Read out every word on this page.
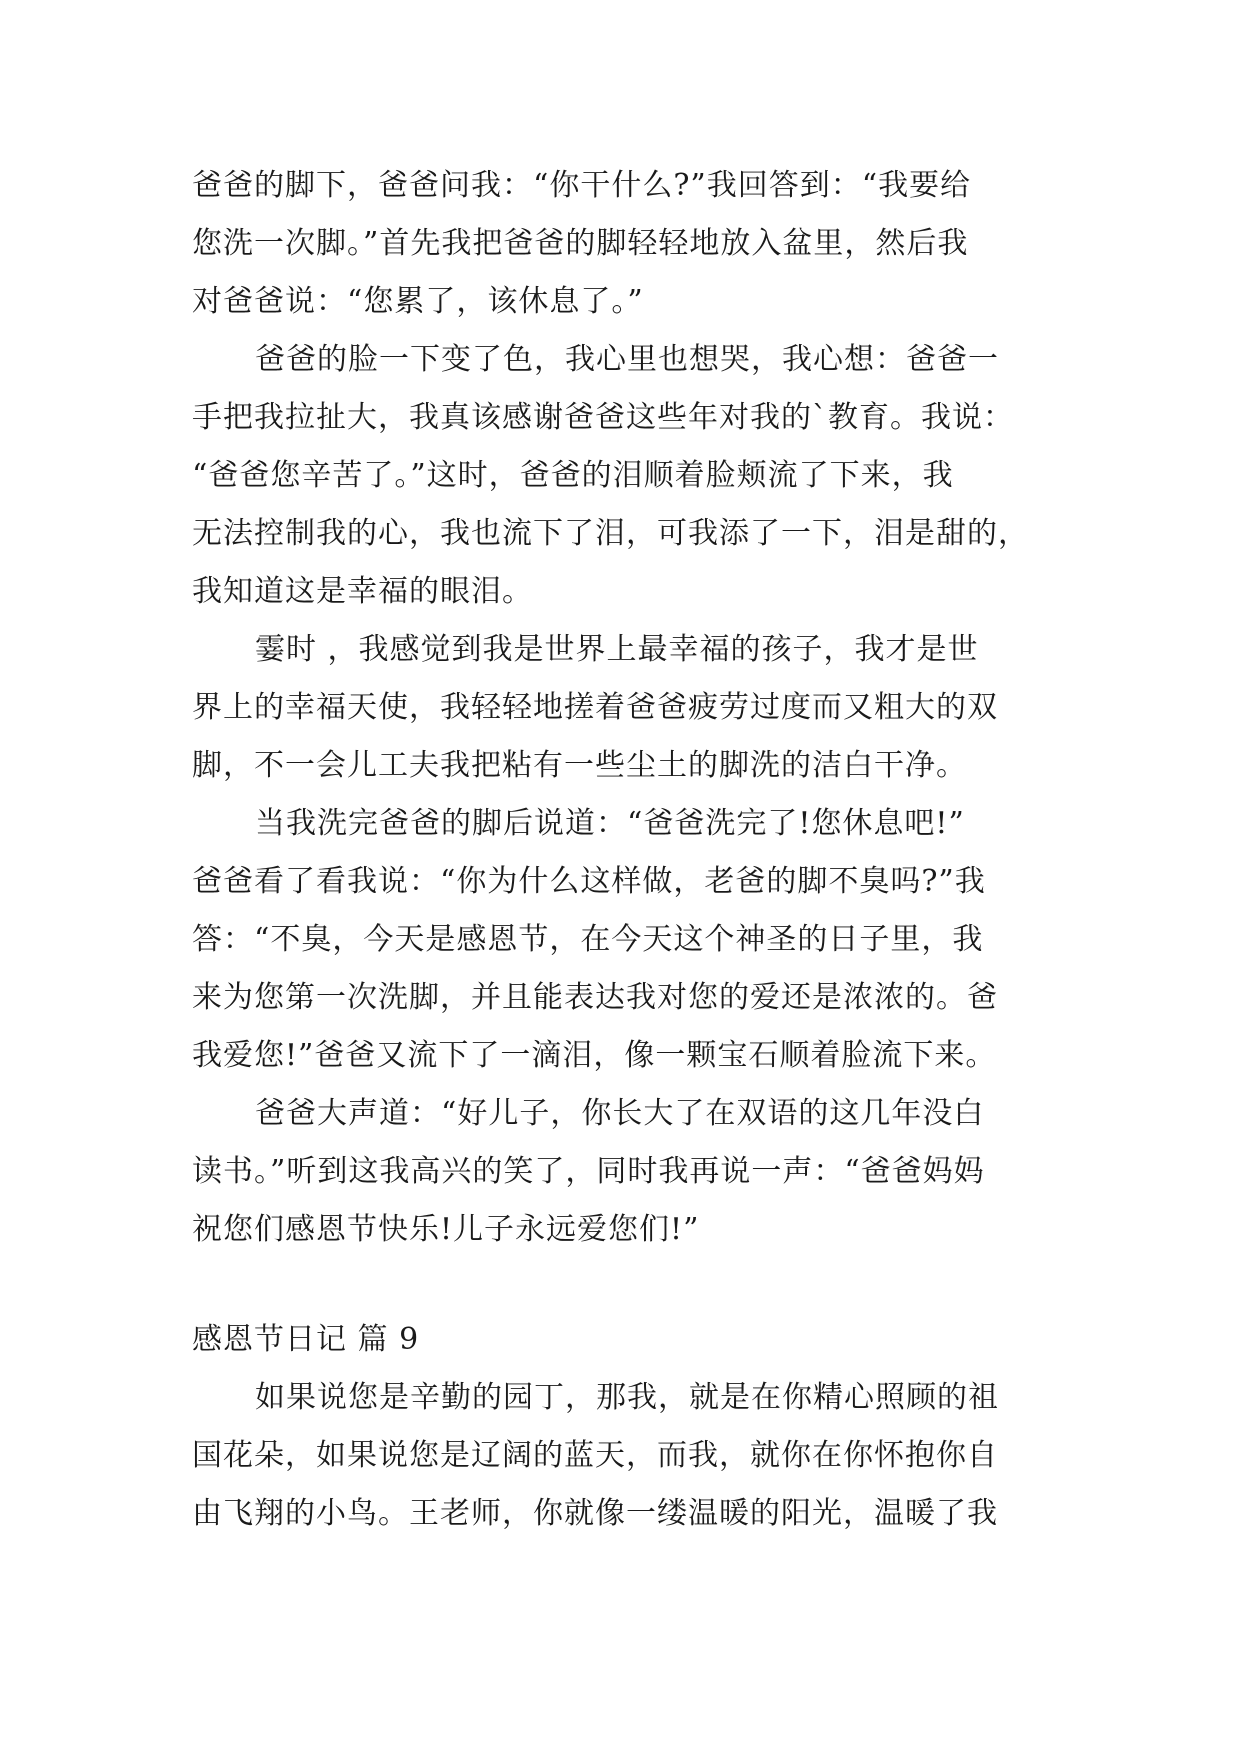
爸爸的脚下，爸爸问我：“你干什么?”我回答到：“我要给
您洗一次脚。”首先我把爸爸的脚轻轻地放入盆里，然后我
对爸爸说：“您累了，该休息了。”
爸爸的脸一下变了色，我心里也想哭，我心想：爸爸一
手把我拉扯大，我真该感谢爸爸这些年对我的`教育。我说：
“爸爸您辛苦了。”这时，爸爸的泪顺着脸颊流了下来，我
无法控制我的心，我也流下了泪，可我添了一下，泪是甜的，
我知道这是幸福的眼泪。
霎时 ，我感觉到我是世界上最幸福的孩子，我才是世
界上的幸福天使，我轻轻地搓着爸爸疲劳过度而又粗大的双
脚，不一会儿工夫我把粘有一些尘土的脚洗的洁白干净。
当我洗完爸爸的脚后说道：“爸爸洗完了!您休息吧!”
爸爸看了看我说：“你为什么这样做，老爸的脚不臭吗?”我
答：“不臭，今天是感恩节，在今天这个神圣的日子里，我
来为您第一次洗脚，并且能表达我对您的爱还是浓浓的。爸
我爱您!”爸爸又流下了一滴泪，像一颗宝石顺着脸流下来。
爸爸大声道：“好儿子，你长大了在双语的这几年没白
读书。”听到这我高兴的笑了，同时我再说一声：“爸爸妈妈
祝您们感恩节快乐!儿子永远爱您们!”
感恩节日记 篇 9
如果说您是辛勤的园丁，那我，就是在你精心照顾的祖
国花朵，如果说您是辽阔的蓝天，而我，就你在你怀抱你自
由飞翔的小鸟。王老师，你就像一缕温暖的阳光，温暖了我
